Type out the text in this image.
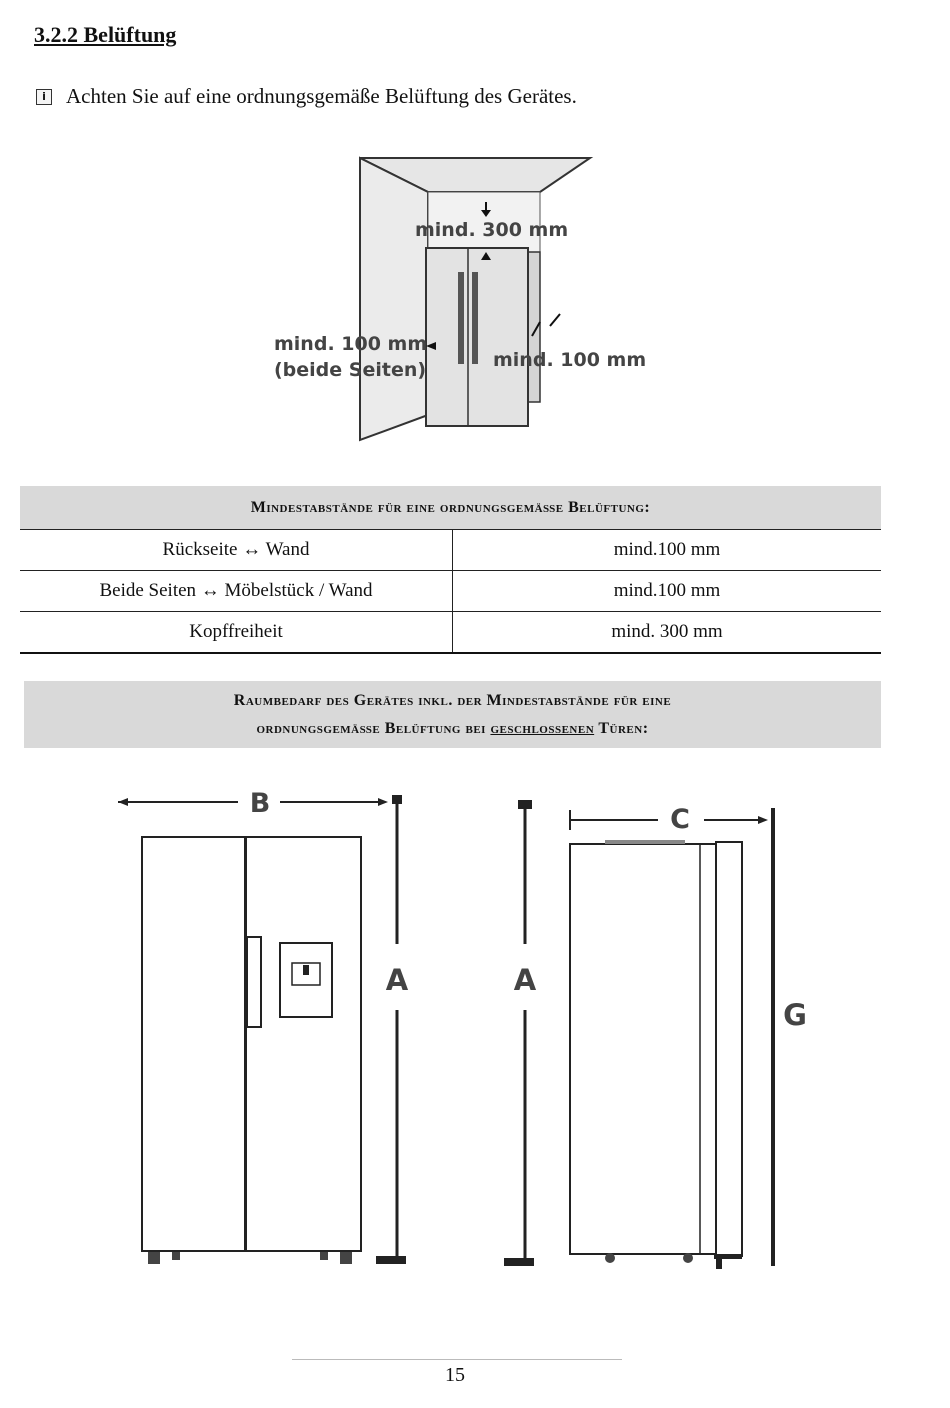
3.2.2 Belüftung
i Achten Sie auf eine ordnungsgemäße Belüftung des Gerätes.
mind. 300 mm
mind. 100 mm
(beide Seiten)	mind. 100 mm
Mindestabstände für eine ordnungsgemäße Belüftung:	
Rückseite ↔ Wand	mind.100 mm
Beide Seiten ↔ Möbelstück / Wand	mind.100 mm
Kopffreiheit	mind. 300 mm
Raumbedarf des Gerätes inkl. der Mindestabstände für eine
ordnungsgemäße Belüftung bei geschlossenen Türen:
B
A	A
C
G
15
